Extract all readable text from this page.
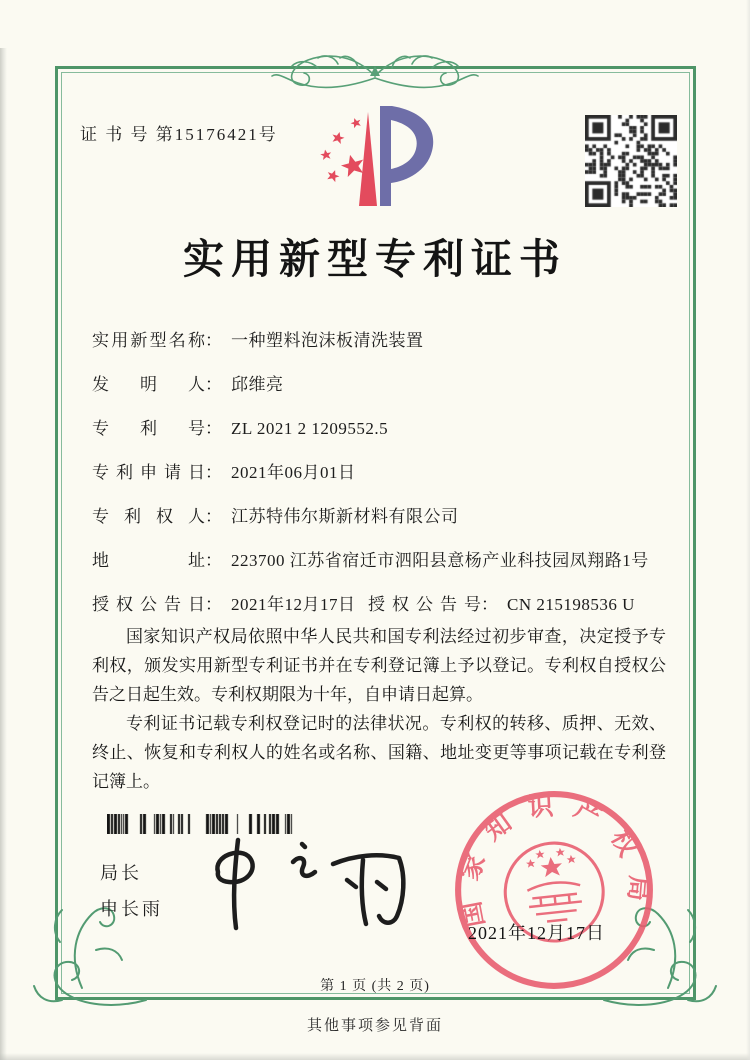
证 书 号 第15176421号
实用新型专利证书
实用新型名称： 一种塑料泡沫板清洗装置
发明人： 邱维亮
专利号： ZL 2021 2 1209552.5
专利申请日： 2021年06月01日
专利权人： 江苏特伟尔斯新材料有限公司
地址： 223700 江苏省宿迁市泗阳县意杨产业科技园凤翔路1号
授权公告日： 2021年12月17日 授权公告号： CN 215198536 U

国家知识产权局依照中华人民共和国专利法经过初步审查，决定授予专利权，颁发实用新型专利证书并在专利登记簿上予以登记。专利权自授权公告之日起生效。专利权期限为十年，自申请日起算。

专利证书记载专利权登记时的法律状况。专利权的转移、质押、无效、终止、恢复和专利权人的姓名或名称、国籍、地址变更等事项记载在专利登记簿上。

国家知识产权局
2021年12月17日
局长
申长雨
第 1 页 (共 2 页)
其他事项参见背面
